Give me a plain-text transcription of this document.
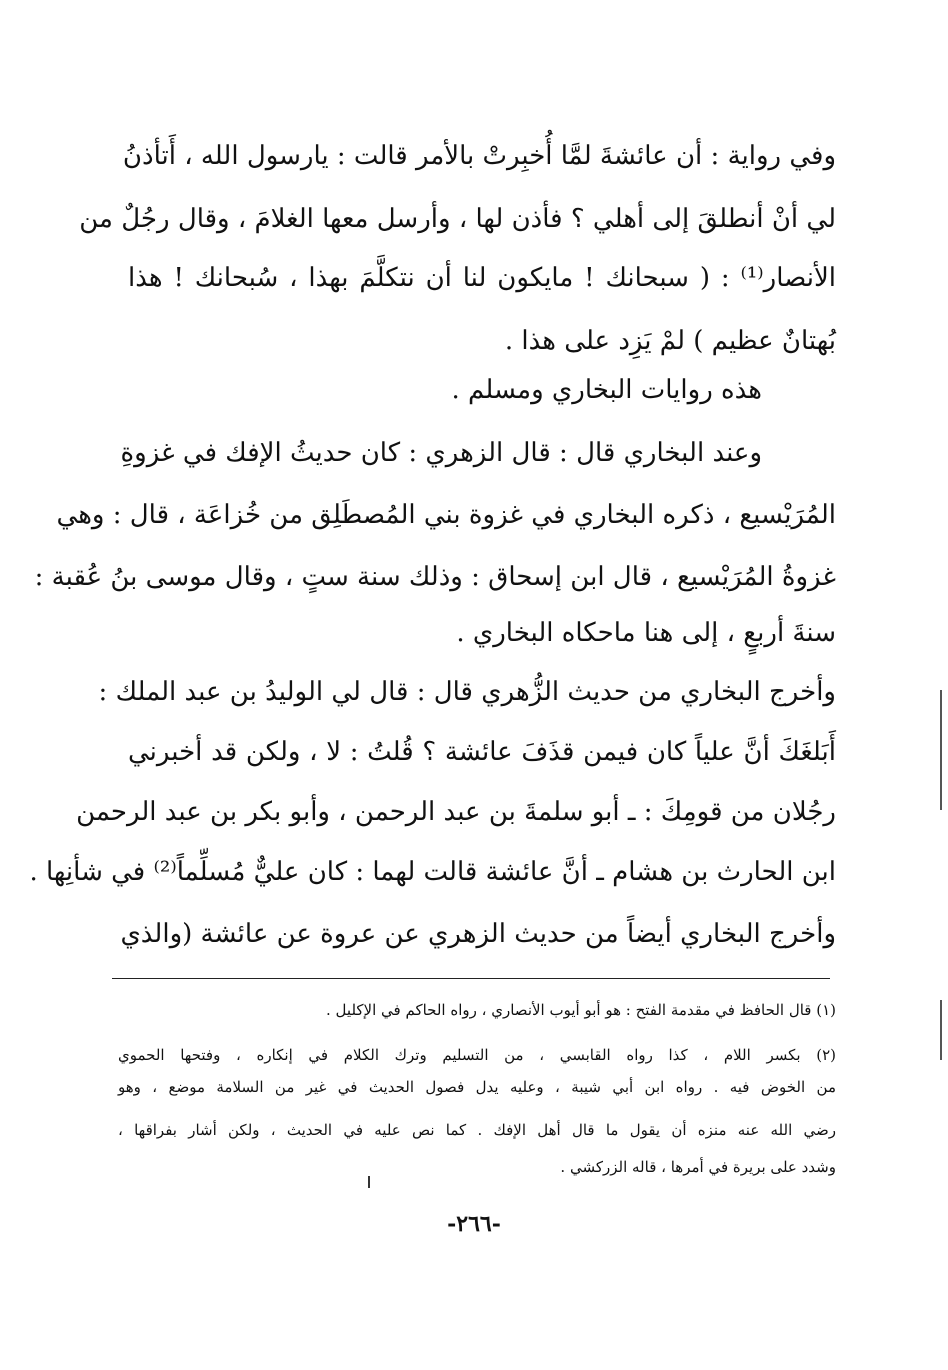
وفي رواية : أن عائشةَ لمَّا أُخبِرتْ بالأمر قالت : يارسول الله ، أَتأذنُ
لي أنْ أنطلقَ إلى أهلي ؟ فأذن لها ، وأرسل معها الغلامَ ، وقال رجُلٌ من
الأنصار⁽¹⁾ : ( سبحانك ! مايكون لنا أن نتكلَّمَ بهذا ، سُبحانك ! هذا
بُهتانٌ عظيم ) لمْ يَزِد على هذا .
هذه روايات البخاري ومسلم .
وعند البخاري قال : قال الزهري : كان حديثُ الإفك في غزوةِ
المُرَيْسيع ، ذكره البخاري في غزوة بني المُصطَلِق من خُزاعَة ، قال : وهي
غزوةُ المُرَيْسيع ، قال ابن إسحاق : وذلك سنة ستٍ ، وقال موسى بنُ عُقبة :
سنةَ أربعٍ ، إلى هنا ماحكاه البخاري .
وأخرج البخاري من حديث الزُّهري قال : قال لي الوليدُ بن عبد الملك :
أَبَلغَكَ أنَّ علياً كان فيمن قذَفَ عائشة ؟ قُلتُ : لا ، ولكن قد أخبرني
رجُلان من قومِكَ : ـ أبو سلمةَ بن عبد الرحمن ، وأبو بكر بن عبد الرحمن
ابن الحارث بن هشام ـ أنَّ عائشة قالت لهما : كان عليٌّ مُسلِّماً⁽²⁾ في شأنِها .
وأخرج البخاري أيضاً من حديث الزهري عن عروة عن عائشة (والذي
(١) قال الحافظ في مقدمة الفتح : هو أبو أيوب الأنصاري ، رواه الحاكم في الإكليل .
(٢) بكسر اللام ، كذا رواه القابسي ، من التسليم وترك الكلام في إنكاره ، وفتحها الحموي
من الخوض فيه . رواه ابن أبي شيبة ، وعليه يدل فصول الحديث في غير من السلامة موضع ، وهو
رضي الله عنه منزه أن يقول ما قال أهل الإفك . كما نص عليه في الحديث ، ولكن أشار بفراقها ،
وشدد على بريرة في أمرها ، قاله الزركشي .
-٢٦٦-
